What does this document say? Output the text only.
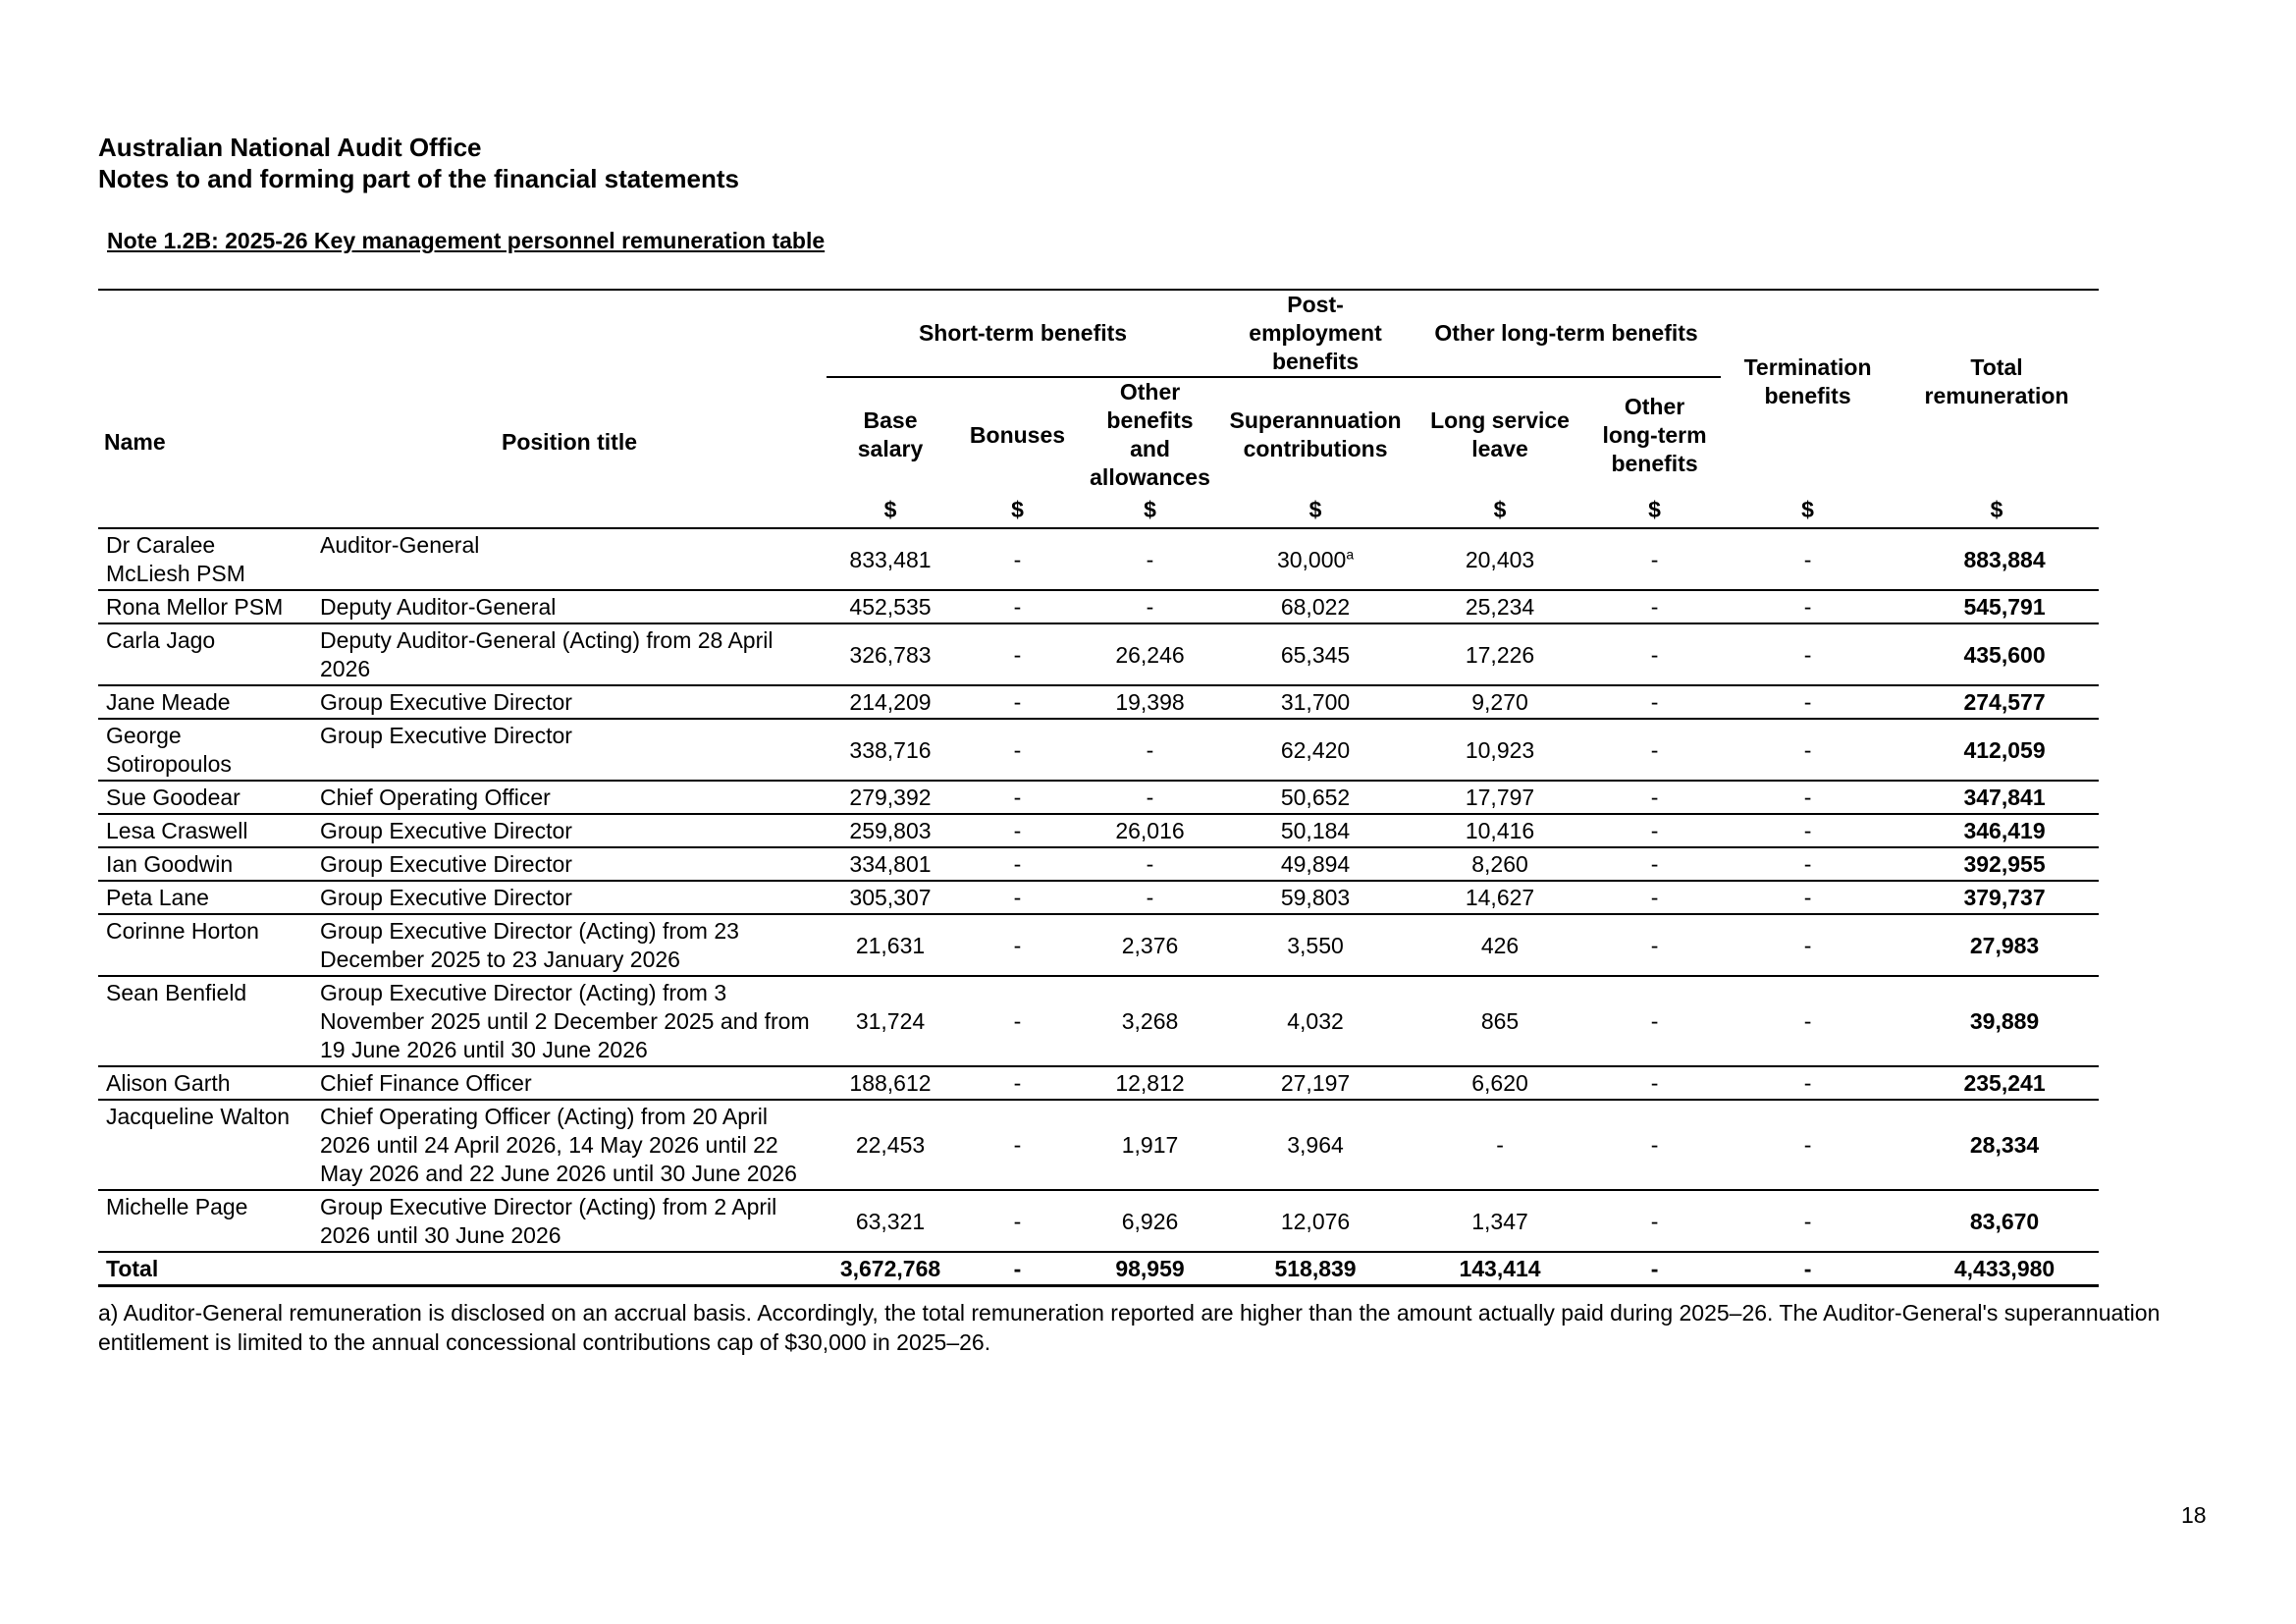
Australian National Audit Office
Notes to and forming part of the financial statements
Note 1.2B: 2025-26 Key management personnel remuneration table
Name	Position title	Short-term benefits			Post-employment benefits	Other long-term benefits		Termination benefits	Total remuneration
		Base salary	Bonuses	Other benefits and allowances	Superannuation contributions	Long service leave	Other long-term benefits		
		$	$	$	$	$	$	$	$
Dr Caralee McLiesh PSM	Auditor-General	833,481	-	-	30,000$^a$	20,403	-	-	883,884
Rona Mellor PSM	Deputy Auditor-General	452,535	-	-	68,022	25,234	-	-	545,791
Carla Jago	Deputy Auditor-General (Acting) from 28 April 2026	326,783	-	26,246	65,345	17,226	-	-	435,600
Jane Meade	Group Executive Director	214,209	-	19,398	31,700	9,270	-	-	274,577
George Sotiropoulos	Group Executive Director	338,716	-	-	62,420	10,923	-	-	412,059
Sue Goodear	Chief Operating Officer	279,392	-	-	50,652	17,797	-	-	347,841
Lesa Craswell	Group Executive Director	259,803	-	26,016	50,184	10,416	-	-	346,419
Ian Goodwin	Group Executive Director	334,801	-	-	49,894	8,260	-	-	392,955
Peta Lane	Group Executive Director	305,307	-	-	59,803	14,627	-	-	379,737
Corinne Horton	Group Executive Director (Acting) from 23 December 2025 to 23 January 2026	21,631	-	2,376	3,550	426	-	-	27,983
Sean Benfield	Group Executive Director (Acting) from 3 November 2025 until 2 December 2025 and from 19 June 2026 until 30 June 2026	31,724	-	3,268	4,032	865	-	-	39,889
Alison Garth	Chief Finance Officer	188,612	-	12,812	27,197	6,620	-	-	235,241
Jacqueline Walton	Chief Operating Officer (Acting) from 20 April 2026 until 24 April 2026, 14 May 2026 until 22 May 2026 and 22 June 2026 until 30 June 2026	22,453	-	1,917	3,964	-	-	-	28,334
Michelle Page	Group Executive Director (Acting) from 2 April 2026 until 30 June 2026	63,321	-	6,926	12,076	1,347	-	-	83,670
Total		3,672,768	-	98,959	518,839	143,414	-	-	4,433,980
a) Auditor-General remuneration is disclosed on an accrual basis. Accordingly, the total remuneration reported are higher than the amount actually paid during 2025–26. The Auditor-General's superannuation entitlement is limited to the annual concessional contributions cap of $30,000 in 2025–26.
18
